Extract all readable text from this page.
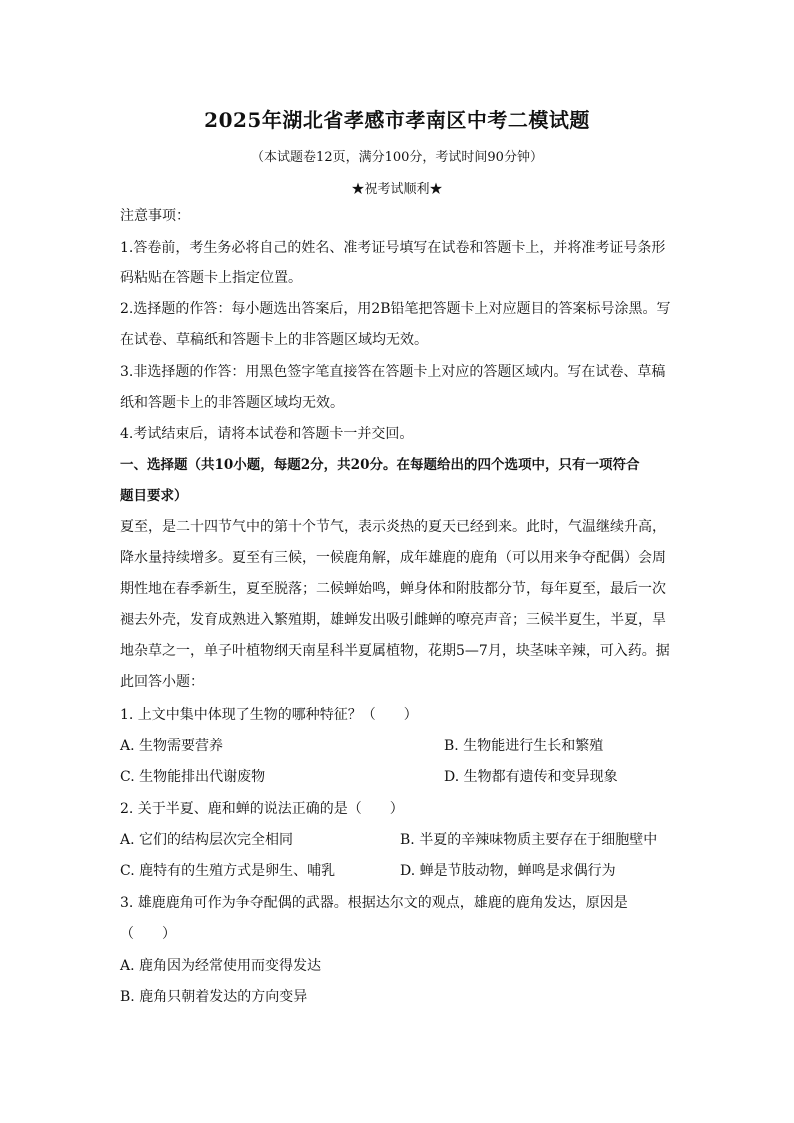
2025年湖北省孝感市孝南区中考二模试题
（本试题卷12页，满分100分，考试时间90分钟）
★祝考试顺利★
注意事项：
1.答卷前，考生务必将自己的姓名、准考证号填写在试卷和答题卡上，并将准考证号条形
码粘贴在答题卡上指定位置。
2.选择题的作答：每小题选出答案后，用2B铅笔把答题卡上对应题目的答案标号涂黑。写
在试卷、草稿纸和答题卡上的非答题区域均无效。
3.非选择题的作答：用黑色签字笔直接答在答题卡上对应的答题区域内。写在试卷、草稿
纸和答题卡上的非答题区域均无效。
4.考试结束后，请将本试卷和答题卡一并交回。
一、选择题（共10小题，每题2分，共20分。在每题给出的四个选项中，只有一项符合
题目要求）
夏至，是二十四节气中的第十个节气，表示炎热的夏天已经到来。此时，气温继续升高，
降水量持续增多。夏至有三候，一候鹿角解，成年雄鹿的鹿角（可以用来争夺配偶）会周
期性地在春季新生，夏至脱落；二候蝉始鸣，蝉身体和附肢都分节，每年夏至，最后一次
褪去外壳，发育成熟进入繁殖期，雄蝉发出吸引雌蝉的嘹亮声音；三候半夏生，半夏，旱
地杂草之一，单子叶植物纲天南星科半夏属植物，花期5—7月，块茎味辛辣，可入药。据
此回答小题：
1. 上文中集中体现了生物的哪种特征？（　　）
A. 生物需要营养	B. 生物能进行生长和繁殖
C. 生物能排出代谢废物	D. 生物都有遗传和变异现象
2. 关于半夏、鹿和蝉的说法正确的是（　　）
A. 它们的结构层次完全相同	B. 半夏的辛辣味物质主要存在于细胞壁中
C. 鹿特有的生殖方式是卵生、哺乳	D. 蝉是节肢动物，蝉鸣是求偶行为
3. 雄鹿鹿角可作为争夺配偶的武器。根据达尔文的观点，雄鹿的鹿角发达，原因是
（　　）
A. 鹿角因为经常使用而变得发达
B. 鹿角只朝着发达的方向变异
